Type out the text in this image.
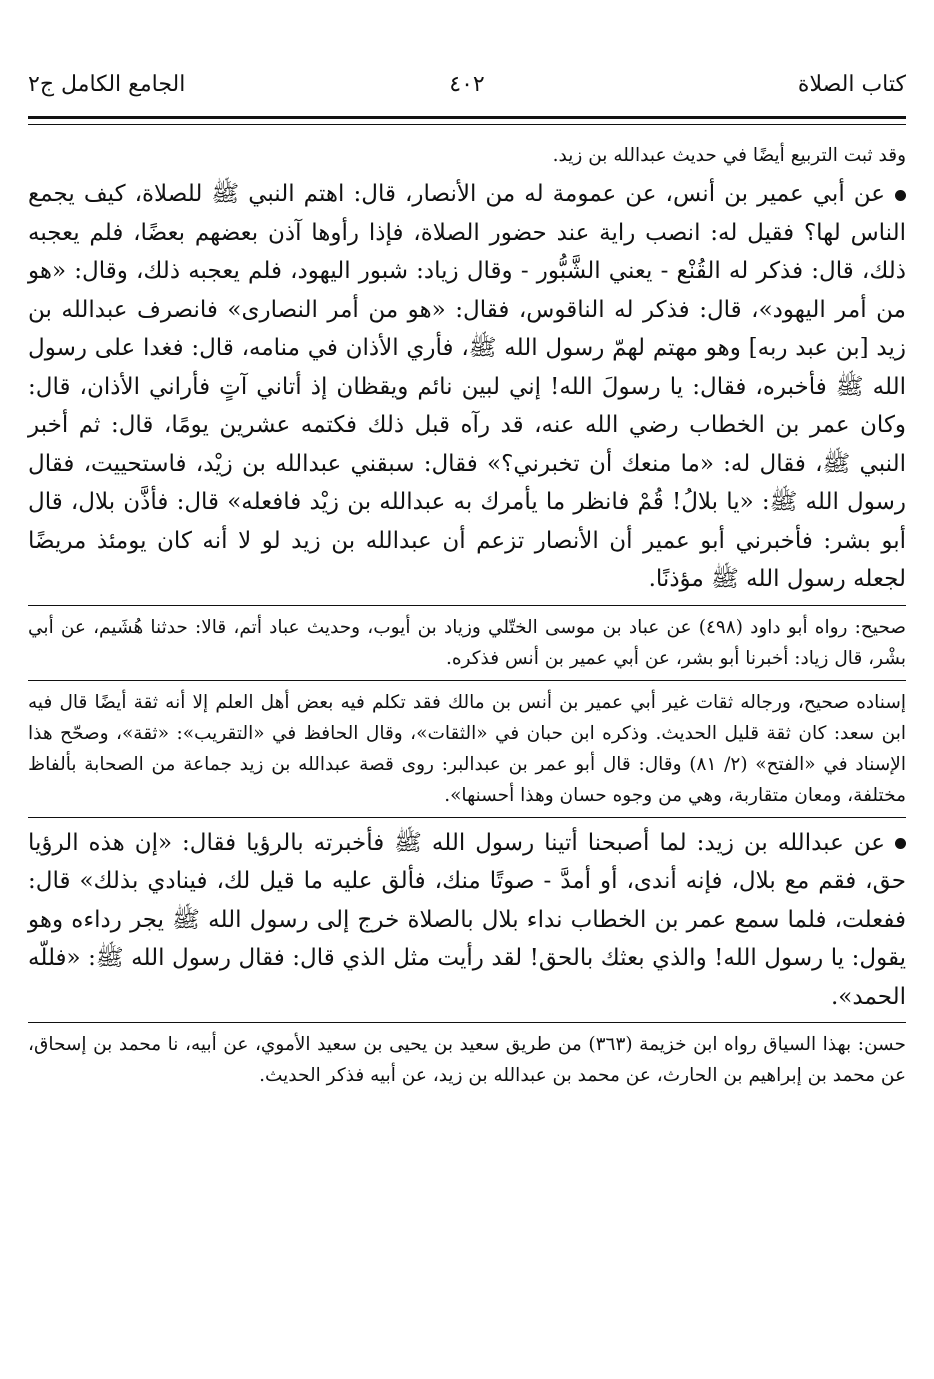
كتاب الصلاة
٤٠٢
الجامع الكامل ج٢

وقد ثبت التربيع أيضًا في حديث عبدالله بن زيد.

عن أبي عمير بن أنس، عن عمومة له من الأنصار، قال: اهتم النبي ﷺ للصلاة، كيف يجمع الناس لها؟ فقيل له: انصب راية عند حضور الصلاة، فإذا رأوها آذن بعضهم بعضًا، فلم يعجبه ذلك، قال: فذكر له القُنْع - يعني الشَّبُّور - وقال زياد: شبور اليهود، فلم يعجبه ذلك، وقال: «هو من أمر اليهود»، قال: فذكر له الناقوس، فقال: «هو من أمر النصارى» فانصرف عبدالله بن زيد [بن عبد ربه] وهو مهتم لهمّ رسول الله ﷺ، فأري الأذان في منامه، قال: فغدا على رسول الله ﷺ فأخبره، فقال: يا رسولَ الله! إني لبين نائم ويقظان إذ أتاني آتٍ فأراني الأذان، قال: وكان عمر بن الخطاب رضي الله عنه، قد رآه قبل ذلك فكتمه عشرين يومًا، قال: ثم أخبر النبي ﷺ، فقال له: «ما منعك أن تخبرني؟» فقال: سبقني عبدالله بن زيْد، فاستحييت، فقال رسول الله ﷺ: «يا بلالُ! قُمْ فانظر ما يأمرك به عبدالله بن زيْد فافعله» قال: فأذَّن بلال، قال أبو بشر: فأخبرني أبو عمير أن الأنصار تزعم أن عبدالله بن زيد لو لا أنه كان يومئذ مريضًا لجعله رسول الله ﷺ مؤذنًا.

صحيح: رواه أبو داود (٤٩٨) عن عباد بن موسى الختّلي وزياد بن أيوب، وحديث عباد أتم، قالا: حدثنا هُشَيم، عن أبي بشْر، قال زياد: أخبرنا أبو بشر، عن أبي عمير بن أنس فذكره.

إسناده صحيح، ورجاله ثقات غير أبي عمير بن أنس بن مالك فقد تكلم فيه بعض أهل العلم إلا أنه ثقة أيضًا قال فيه ابن سعد: كان ثقة قليل الحديث. وذكره ابن حبان في «الثقات»، وقال الحافظ في «التقريب»: «ثقة»، وصحّح هذا الإسناد في «الفتح» (٢/ ٨١) وقال: قال أبو عمر بن عبدالبر: روى قصة عبدالله بن زيد جماعة من الصحابة بألفاظ مختلفة، ومعان متقاربة، وهي من وجوه حسان وهذا أحسنها».

عن عبدالله بن زيد: لما أصبحنا أتينا رسول الله ﷺ فأخبرته بالرؤيا فقال: «إن هذه الرؤيا حق، فقم مع بلال، فإنه أندى، أو أمدَّ - صوتًا منك، فألق عليه ما قيل لك، فينادي بذلك» قال: ففعلت، فلما سمع عمر بن الخطاب نداء بلال بالصلاة خرج إلى رسول الله ﷺ يجر رداءه وهو يقول: يا رسول الله! والذي بعثك بالحق! لقد رأيت مثل الذي قال: فقال رسول الله ﷺ: «فللّه الحمد».

حسن: بهذا السياق رواه ابن خزيمة (٣٦٣) من طريق سعيد بن يحيى بن سعيد الأموي، عن أبيه، نا محمد بن إسحاق، عن محمد بن إبراهيم بن الحارث، عن محمد بن عبدالله بن زيد، عن أبيه فذكر الحديث.
